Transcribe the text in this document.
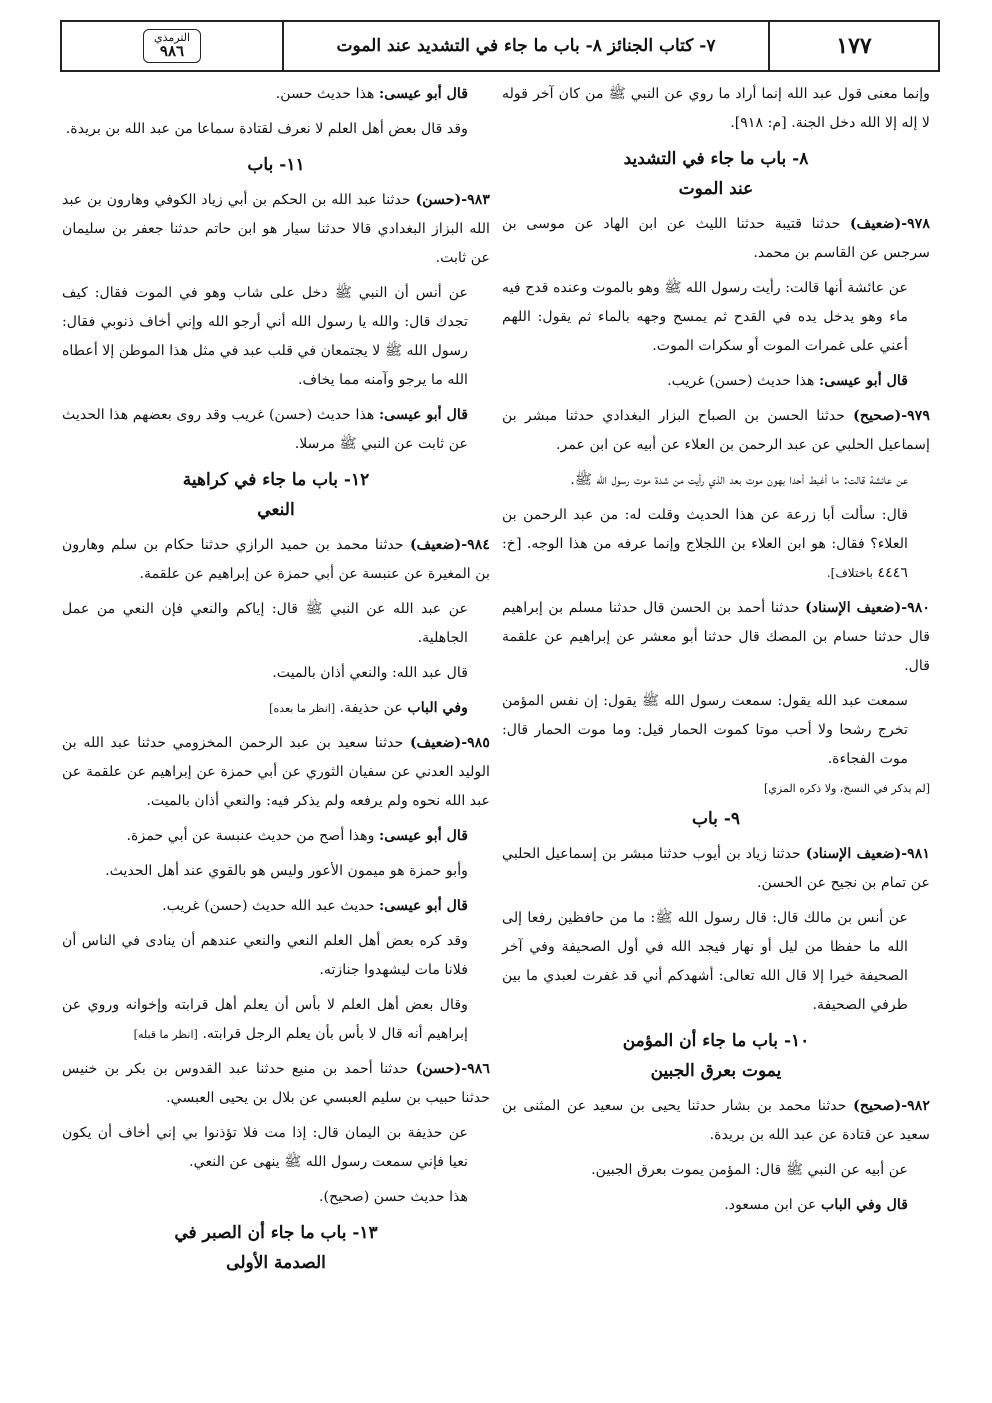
١٧٧
٧- كتاب الجنائز ٨- باب ما جاء في التشديد عند الموت
الترمذي
٩٨٦

وإنما معنى قول عبد الله إنما أراد ما روي عن النبي ﷺ من كان آخر قوله لا إله إلا الله دخل الجنة. [م: ٩١٨].

٨- باب ما جاء في التشديد
عند الموت

٩٧٨-(ضعيف) حدثنا قتيبة حدثنا الليث عن ابن الهاد عن موسى بن سرجس عن القاسم بن محمد.

عن عائشة أنها قالت: رأيت رسول الله ﷺ وهو بالموت وعنده قدح فيه ماء وهو يدخل يده في القدح ثم يمسح وجهه بالماء ثم يقول: اللهم أعني على غمرات الموت أو سكرات الموت.

قال أبو عيسى: هذا حديث (حسن) غريب.

٩٧٩-(صحيح) حدثنا الحسن بن الصباح البزار البغدادي حدثنا مبشر بن إسماعيل الحلبي عن عبد الرحمن بن العلاء عن أبيه عن ابن عمر.

عن عائشة قالت: ما أغبط أحدا بهون موت بعد الذي رأيت من شدة موت رسول الله ﷺ.

قال: سألت أبا زرعة عن هذا الحديث وقلت له: من عبد الرحمن بن العلاء؟ فقال: هو ابن العلاء بن اللجلاج وإنما عرفه من هذا الوجه. [خ: ٤٤٤٦ باختلاف].

٩٨٠-(ضعيف الإسناد) حدثنا أحمد بن الحسن قال حدثنا مسلم بن إبراهيم قال حدثنا حسام بن المصك قال حدثنا أبو معشر عن إبراهيم عن علقمة قال.

سمعت عبد الله يقول: سمعت رسول الله ﷺ يقول: إن نفس المؤمن تخرج رشحا ولا أحب موتا كموت الحمار قيل: وما موت الحمار قال: موت الفجاءة.

[لم يذكر في النسخ، ولا ذكره المزي]
٩- باب

٩٨١-(ضعيف الإسناد) حدثنا زياد بن أيوب حدثنا مبشر بن إسماعيل الحلبي عن تمام بن نجيح عن الحسن.

عن أنس بن مالك قال: قال رسول الله ﷺ: ما من حافظين رفعا إلى الله ما حفظا من ليل أو نهار فيجد الله في أول الصحيفة وفي آخر الصحيفة خيرا إلا قال الله تعالى: أشهدكم أني قد غفرت لعبدي ما بين طرفي الصحيفة.

١٠- باب ما جاء أن المؤمن
يموت بعرق الجبين

٩٨٢-(صحيح) حدثنا محمد بن بشار حدثنا يحيى بن سعيد عن المثنى بن سعيد عن قتادة عن عبد الله بن بريدة.

عن أبيه عن النبي ﷺ قال: المؤمن يموت بعرق الجبين.

قال وفي الباب عن ابن مسعود.

قال أبو عيسى: هذا حديث حسن.

وقد قال بعض أهل العلم لا نعرف لقتادة سماعا من عبد الله بن بريدة.

١١- باب

٩٨٣-(حسن) حدثنا عبد الله بن الحكم بن أبي زياد الكوفي وهارون بن عبد الله البزاز البغدادي قالا حدثنا سيار هو ابن حاتم حدثنا جعفر بن سليمان عن ثابت.

عن أنس أن النبي ﷺ دخل على شاب وهو في الموت فقال: كيف تجدك قال: والله يا رسول الله أني أرجو الله وإني أخاف ذنوبي فقال: رسول الله ﷺ لا يجتمعان في قلب عبد في مثل هذا الموطن إلا أعطاه الله ما يرجو وآمنه مما يخاف.

قال أبو عيسى: هذا حديث (حسن) غريب وقد روى بعضهم هذا الحديث عن ثابت عن النبي ﷺ مرسلا.

١٢- باب ما جاء في كراهية
النعي

٩٨٤-(ضعيف) حدثنا محمد بن حميد الرازي حدثنا حكام بن سلم وهارون بن المغيرة عن عنبسة عن أبي حمزة عن إبراهيم عن علقمة.

عن عبد الله عن النبي ﷺ قال: إياكم والنعي فإن النعي من عمل الجاهلية.

قال عبد الله: والنعي أذان بالميت.

وفي الباب عن حذيفة. [انظر ما بعده]

٩٨٥-(ضعيف) حدثنا سعيد بن عبد الرحمن المخزومي حدثنا عبد الله بن الوليد العدني عن سفيان الثوري عن أبي حمزة عن إبراهيم عن علقمة عن عبد الله نحوه ولم يرفعه ولم يذكر فيه: والنعي أذان بالميت.

قال أبو عيسى: وهذا أصح من حديث عنبسة عن أبي حمزة.

وأبو حمزة هو ميمون الأعور وليس هو بالقوي عند أهل الحديث.

قال أبو عيسى: حديث عبد الله حديث (حسن) غريب.

وقد كره بعض أهل العلم النعي والنعي عندهم أن ينادى في الناس أن فلانا مات ليشهدوا جنازته.

وقال بعض أهل العلم لا بأس أن يعلم أهل قرابته وإخوانه وروي عن إبراهيم أنه قال لا بأس بأن يعلم الرجل قرابته. [انظر ما قبله]

٩٨٦-(حسن) حدثنا أحمد بن منيع حدثنا عبد القدوس بن بكر بن خنيس حدثنا حبيب بن سليم العبسي عن بلال بن يحيى العبسي.

عن حذيفة بن اليمان قال: إذا مت فلا تؤذنوا بي إني أخاف أن يكون نعيا فإني سمعت رسول الله ﷺ ينهى عن النعي.

هذا حديث حسن (صحيح).

١٣- باب ما جاء أن الصبر في
الصدمة الأولى
